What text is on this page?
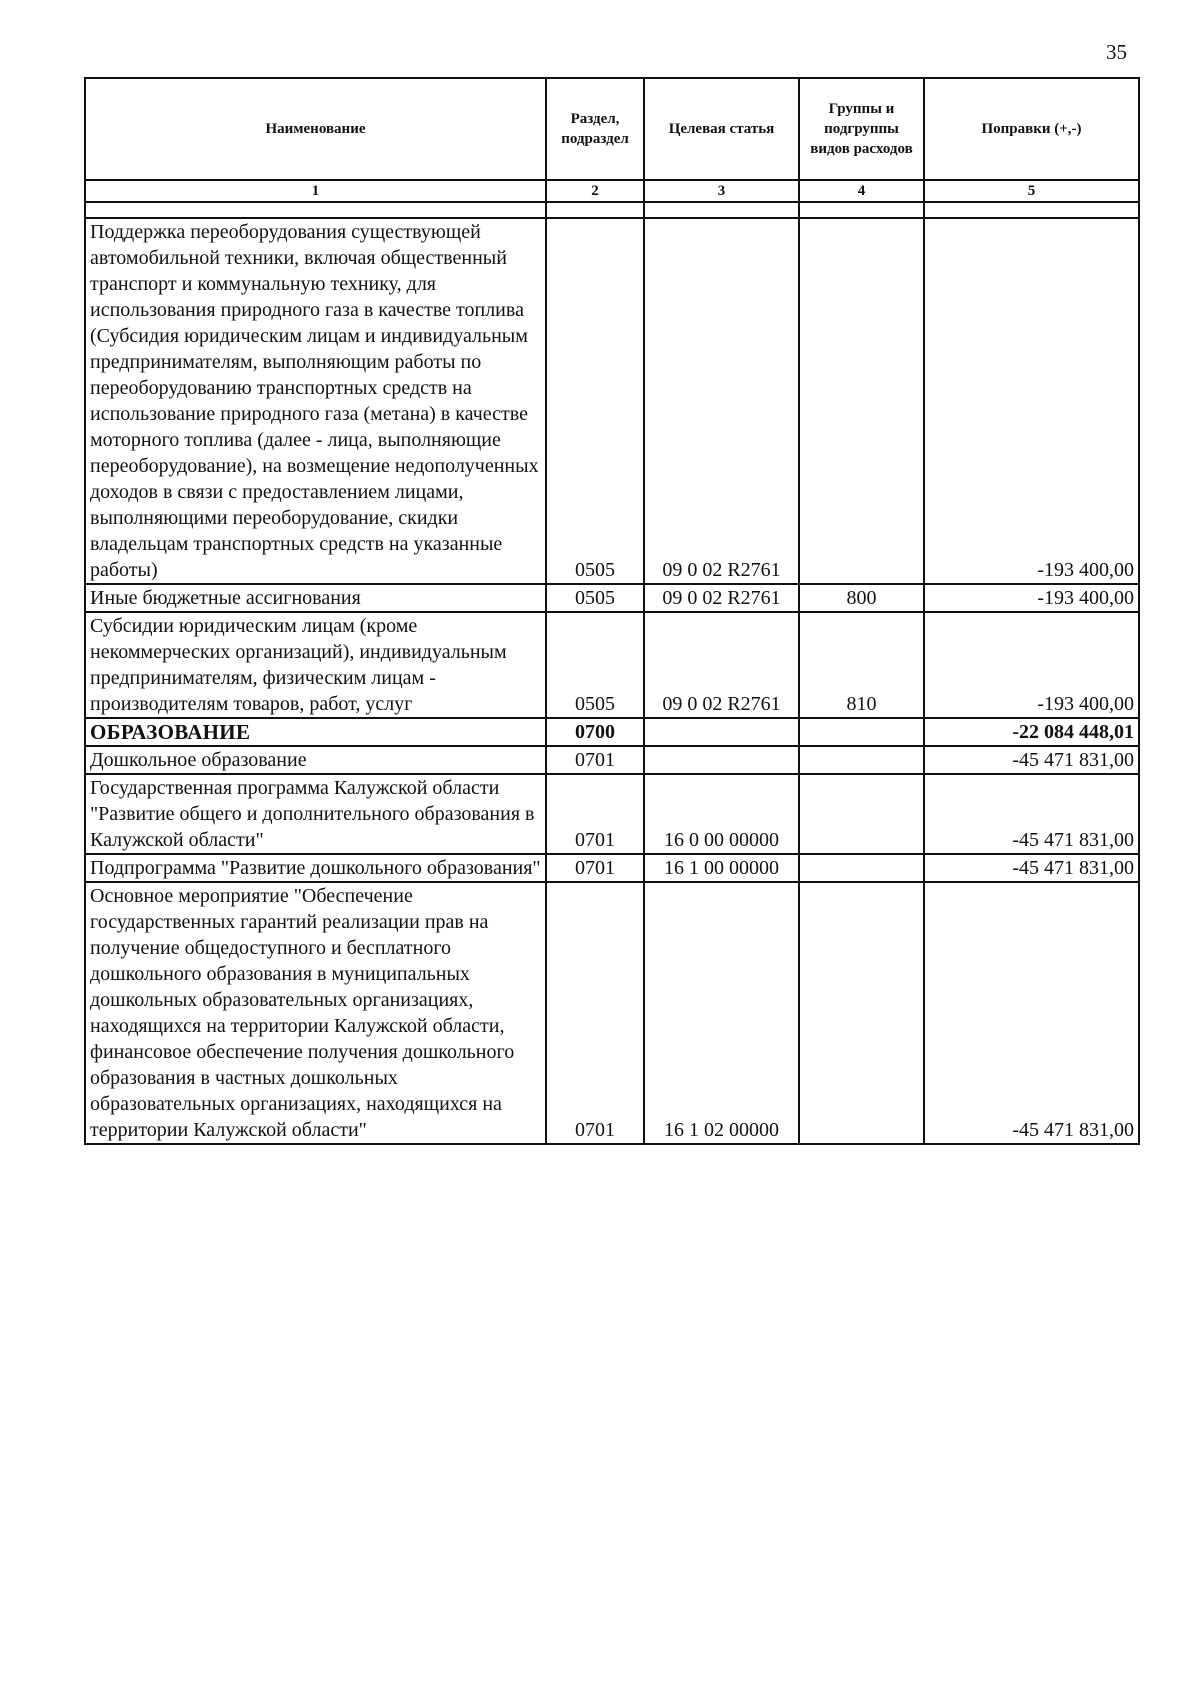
35
Наименование	Раздел, подраздел	Целевая статья	Группы и подгруппы видов расходов	Поправки (+,-)
1	2	3	4	5

Поддержка переоборудования существующей автомобильной техники, включая общественный транспорт и коммунальную технику, для использования природного газа в качестве топлива (Субсидия юридическим лицам и индивидуальным предпринимателям, выполняющим работы по переоборудованию транспортных средств на использование природного газа (метана) в качестве моторного топлива (далее - лица, выполняющие переоборудование), на возмещение недополученных доходов в связи с предоставлением лицами, выполняющими переоборудование, скидки владельцам транспортных средств на указанные работы)	0505	09 0 02 R2761		-193 400,00
Иные бюджетные ассигнования	0505	09 0 02 R2761	800	-193 400,00
Субсидии юридическим лицам (кроме некоммерческих организаций), индивидуальным предпринимателям, физическим лицам - производителям товаров, работ, услуг	0505	09 0 02 R2761	810	-193 400,00
ОБРАЗОВАНИЕ	0700			-22 084 448,01
Дошкольное образование	0701			-45 471 831,00
Государственная программа Калужской области "Развитие общего и дополнительного образования в Калужской области"	0701	16 0 00 00000		-45 471 831,00
Подпрограмма "Развитие дошкольного образования"	0701	16 1 00 00000		-45 471 831,00
Основное мероприятие "Обеспечение государственных гарантий реализации прав на получение общедоступного и бесплатного дошкольного образования в муниципальных дошкольных образовательных организациях, находящихся на территории Калужской области, финансовое обеспечение получения дошкольного образования в частных дошкольных образовательных организациях, находящихся на территории Калужской области"	0701	16 1 02 00000		-45 471 831,00
